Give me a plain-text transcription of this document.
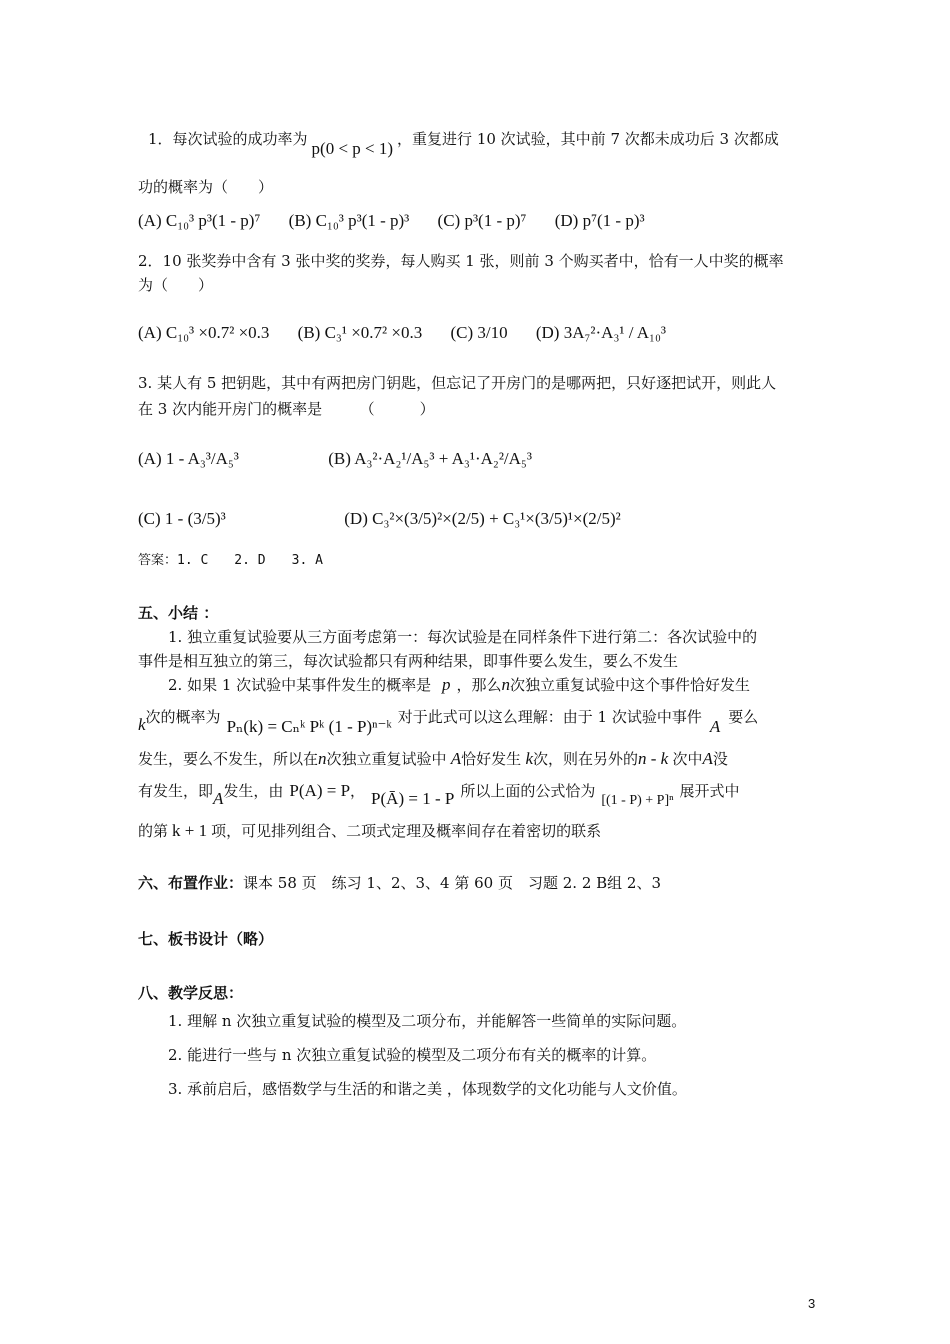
1．每次试验的成功率为 p(0 < p < 1) ，重复进行 10 次试验，其中前 7 次都未成功后 3 次都成
功的概率为（　　）
(A) C₁₀³ p³(1 - p)⁷ (B) C₁₀³ p³(1 - p)³ (C) p³(1 - p)⁷ (D) p⁷(1 - p)³
2．10 张奖券中含有 3 张中奖的奖券，每人购买 1 张，则前 3 个购买者中，恰有一人中奖的概率
为（　　）
(A) C₁₀³ ×0.7² ×0.3 (B) C₃¹ ×0.7² ×0.3 (C) 3/10 (D) 3A₇²·A₃¹ / A₁₀³
3. 某人有 5 把钥匙，其中有两把房门钥匙，但忘记了开房门的是哪两把，只好逐把试开，则此人
在 3 次内能开房门的概率是　　　（　　　）
(A) 1 - A₃³/A₅³	(B) A₃²·A₂¹/A₅³ + A₃¹·A₂²/A₅³
(C) 1 - (3/5)³	(D) C₃²×(3/5)²×(2/5) + C₃¹×(3/5)¹×(2/5)²
答案：1. C　　2. D　　3. A
五、小结 ：
1. 独立重复试验要从三方面考虑第一：每次试验是在同样条件下进行第二：各次试验中的
事件是相互独立的第三，每次试验都只有两种结果，即事件要么发生，要么不发生
2. 如果 1 次试验中某事件发生的概率是 p ，那么n次独立重复试验中这个事件恰好发生
k次的概率为 Pₙ(k) = Cₙᵏ Pᵏ (1 - P)ⁿ⁻ᵏ 对于此式可以这么理解：由于 1 次试验中事件 A 要么
发生，要么不发生，所以在n次独立重复试验中 A恰好发生 k次，则在另外的n - k 次中A没
有发生，即A发生，由 P(A) = P， P(Ā) = 1 - P 所以上面的公式恰为[(1 - P) + P]ⁿ展开式中
的第 k + 1 项，可见排列组合、二项式定理及概率间存在着密切的联系
六、布置作业：课本 58 页　练习 1、2、3、4 第 60 页　习题 2. 2 B组 2、3
七、板书设计（略）
八、教学反思：
1. 理解 n 次独立重复试验的模型及二项分布，并能解答一些简单的实际问题。
2. 能进行一些与 n 次独立重复试验的模型及二项分布有关的概率的计算。
3. 承前启后，感悟数学与生活的和谐之美 ，体现数学的文化功能与人文价值。
3
